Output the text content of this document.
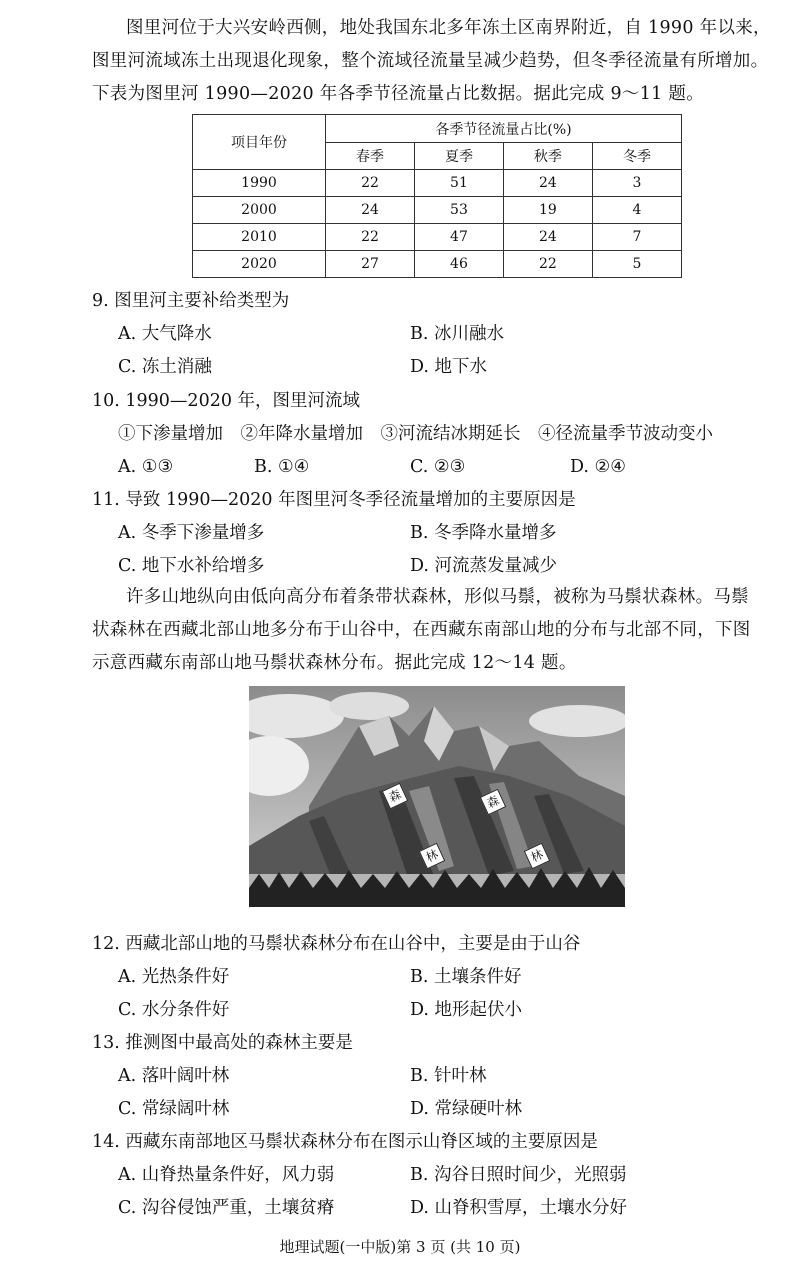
图里河位于大兴安岭西侧，地处我国东北多年冻土区南界附近，自 1990 年以来，
图里河流域冻土出现退化现象，整个流域径流量呈减少趋势，但冬季径流量有所增加。
下表为图里河 1990—2020 年各季节径流量占比数据。据此完成 9～11 题。
项目年份	各季节径流量占比(%)			
	春季	夏季	秋季	冬季
1990	22	51	24	3
2000	24	53	19	4
2010	22	47	24	7
2020	27	46	22	5
9. 图里河主要补给类型为
A. 大气降水	B. 冰川融水
C. 冻土消融	D. 地下水
10. 1990—2020 年，图里河流域
①下渗量增加　②年降水量增加　③河流结冰期延长　④径流量季节波动变小
A. ①③	B. ①④	C. ②③	D. ②④
11. 导致 1990—2020 年图里河冬季径流量增加的主要原因是
A. 冬季下渗量增多	B. 冬季降水量增多
C. 地下水补给增多	D. 河流蒸发量减少
许多山地纵向由低向高分布着条带状森林，形似马鬃，被称为马鬃状森林。马鬃
状森林在西藏北部山地多分布于山谷中，在西藏东南部山地的分布与北部不同，下图
示意西藏东南部山地马鬃状森林分布。据此完成 12～14 题。
森	森
林	林
12. 西藏北部山地的马鬃状森林分布在山谷中，主要是由于山谷
A. 光热条件好	B. 土壤条件好
C. 水分条件好	D. 地形起伏小
13. 推测图中最高处的森林主要是
A. 落叶阔叶林	B. 针叶林
C. 常绿阔叶林	D. 常绿硬叶林
14. 西藏东南部地区马鬃状森林分布在图示山脊区域的主要原因是
A. 山脊热量条件好，风力弱	B. 沟谷日照时间少，光照弱
C. 沟谷侵蚀严重，土壤贫瘠	D. 山脊积雪厚，土壤水分好
地理试题(一中版)第 3 页 (共 10 页)
